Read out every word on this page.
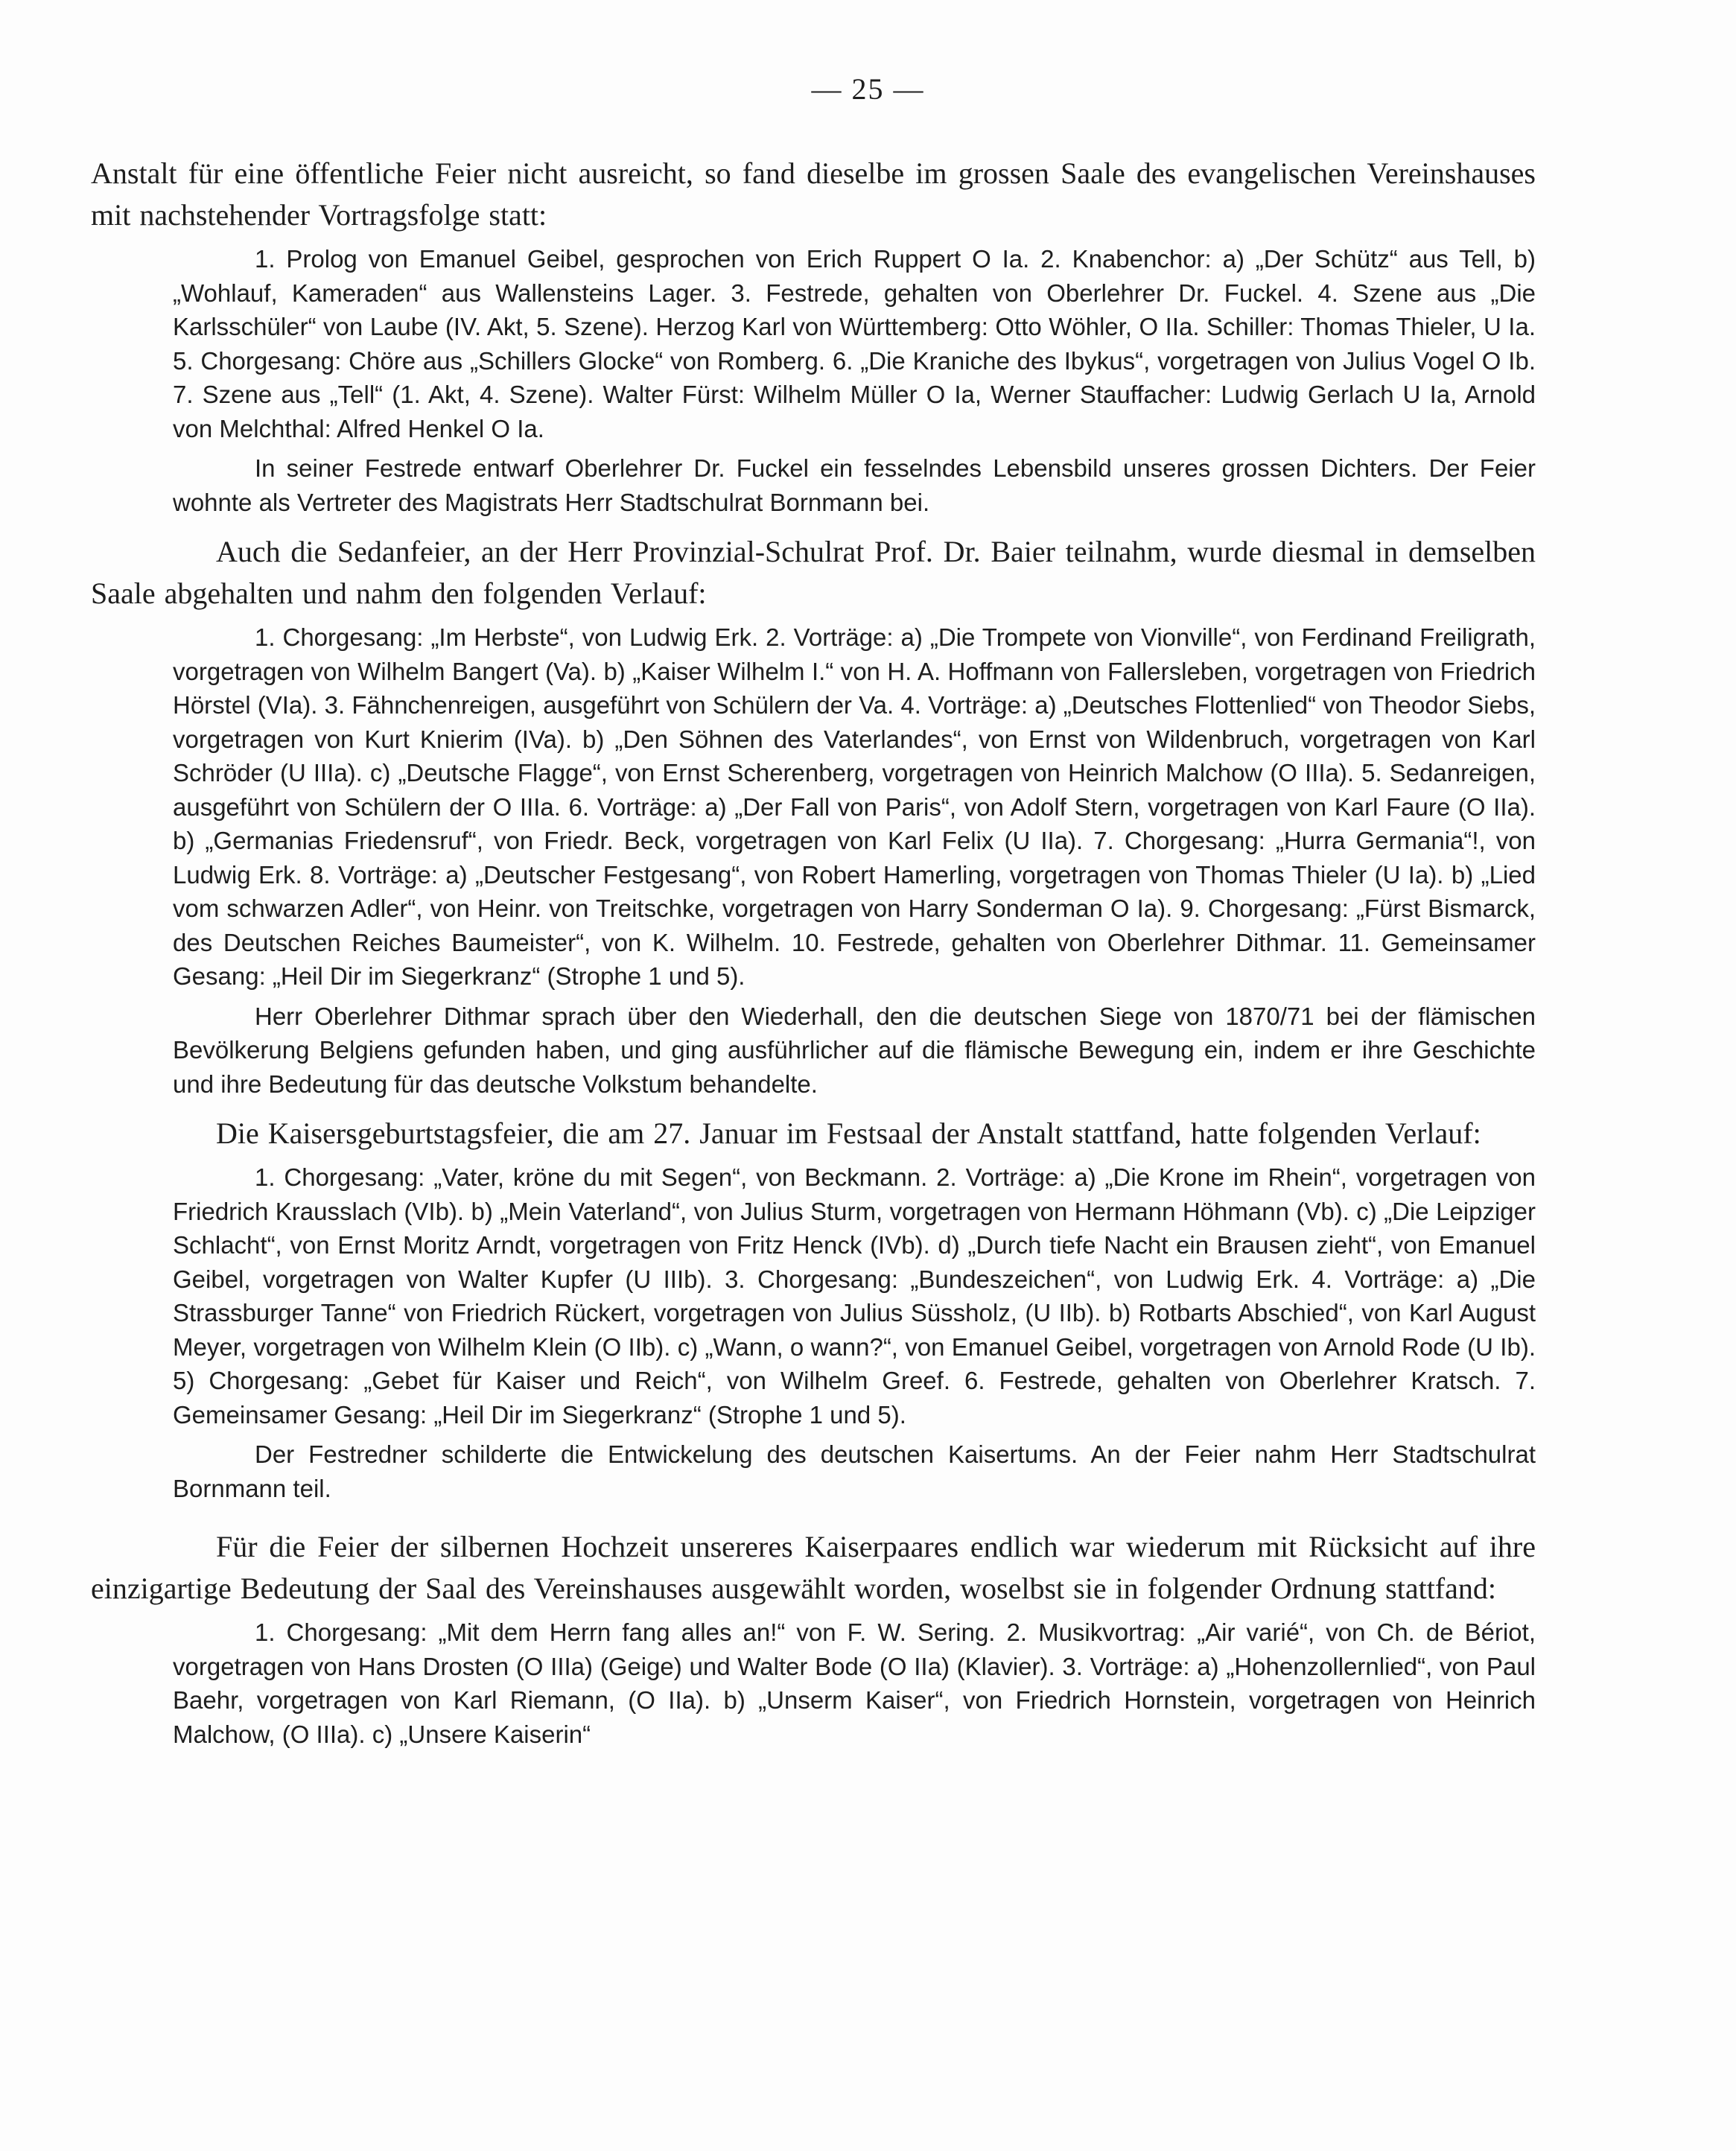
— 25 —

Anstalt für eine öffentliche Feier nicht ausreicht, so fand dieselbe im grossen Saale des evangelischen Vereinshauses mit nachstehender Vortragsfolge statt:

1. Prolog von Emanuel Geibel, gesprochen von Erich Ruppert O Ia. 2. Knabenchor: a) „Der Schütz“ aus Tell, b) „Wohlauf, Kameraden“ aus Wallensteins Lager. 3. Festrede, gehalten von Oberlehrer Dr. Fuckel. 4. Szene aus „Die Karlsschüler“ von Laube (IV. Akt, 5. Szene). Herzog Karl von Württemberg: Otto Wöhler, O IIa. Schiller: Thomas Thieler, U Ia. 5. Chorgesang: Chöre aus „Schillers Glocke“ von Romberg. 6. „Die Kraniche des Ibykus“, vorgetragen von Julius Vogel O Ib. 7. Szene aus „Tell“ (1. Akt, 4. Szene). Walter Fürst: Wilhelm Müller O Ia, Werner Stauffacher: Ludwig Gerlach U Ia, Arnold von Melchthal: Alfred Henkel O Ia.

In seiner Festrede entwarf Oberlehrer Dr. Fuckel ein fesselndes Lebensbild unseres grossen Dichters. Der Feier wohnte als Vertreter des Magistrats Herr Stadtschulrat Bornmann bei.

Auch die Sedanfeier, an der Herr Provinzial-Schulrat Prof. Dr. Baier teilnahm, wurde diesmal in demselben Saale abgehalten und nahm den folgenden Verlauf:

1. Chorgesang: „Im Herbste“, von Ludwig Erk. 2. Vorträge: a) „Die Trompete von Vionville“, von Ferdinand Freiligrath, vorgetragen von Wilhelm Bangert (Va). b) „Kaiser Wilhelm I.“ von H. A. Hoffmann von Fallersleben, vorgetragen von Friedrich Hörstel (VIa). 3. Fähnchenreigen, ausgeführt von Schülern der Va. 4. Vorträge: a) „Deutsches Flottenlied“ von Theodor Siebs, vorgetragen von Kurt Knierim (IVa). b) „Den Söhnen des Vaterlandes“, von Ernst von Wildenbruch, vorgetragen von Karl Schröder (U IIIa). c) „Deutsche Flagge“, von Ernst Scherenberg, vorgetragen von Heinrich Malchow (O IIIa). 5. Sedanreigen, ausgeführt von Schülern der O IIIa. 6. Vorträge: a) „Der Fall von Paris“, von Adolf Stern, vorgetragen von Karl Faure (O IIa). b) „Germanias Friedensruf“, von Friedr. Beck, vorgetragen von Karl Felix (U IIa). 7. Chorgesang: „Hurra Germania“!, von Ludwig Erk. 8. Vorträge: a) „Deutscher Festgesang“, von Robert Hamerling, vorgetragen von Thomas Thieler (U Ia). b) „Lied vom schwarzen Adler“, von Heinr. von Treitschke, vorgetragen von Harry Sonderman O Ia). 9. Chorgesang: „Fürst Bismarck, des Deutschen Reiches Baumeister“, von K. Wilhelm. 10. Festrede, gehalten von Oberlehrer Dithmar. 11. Gemeinsamer Gesang: „Heil Dir im Siegerkranz“ (Strophe 1 und 5).

Herr Oberlehrer Dithmar sprach über den Wiederhall, den die deutschen Siege von 1870/71 bei der flämischen Bevölkerung Belgiens gefunden haben, und ging ausführlicher auf die flämische Bewegung ein, indem er ihre Geschichte und ihre Bedeutung für das deutsche Volkstum behandelte.

Die Kaisersgeburtstagsfeier, die am 27. Januar im Festsaal der Anstalt stattfand, hatte folgenden Verlauf:

1. Chorgesang: „Vater, kröne du mit Segen“, von Beckmann. 2. Vorträge: a) „Die Krone im Rhein“, vorgetragen von Friedrich Krausslach (VIb). b) „Mein Vaterland“, von Julius Sturm, vorgetragen von Hermann Höhmann (Vb). c) „Die Leipziger Schlacht“, von Ernst Moritz Arndt, vorgetragen von Fritz Henck (IVb). d) „Durch tiefe Nacht ein Brausen zieht“, von Emanuel Geibel, vorgetragen von Walter Kupfer (U IIIb). 3. Chorgesang: „Bundeszeichen“, von Ludwig Erk. 4. Vorträge: a) „Die Strassburger Tanne“ von Friedrich Rückert, vorgetragen von Julius Süssholz, (U IIb). b) Rotbarts Abschied“, von Karl August Meyer, vorgetragen von Wilhelm Klein (O IIb). c) „Wann, o wann?“, von Emanuel Geibel, vorgetragen von Arnold Rode (U Ib). 5) Chorgesang: „Gebet für Kaiser und Reich“, von Wilhelm Greef. 6. Festrede, gehalten von Oberlehrer Kratsch. 7. Gemeinsamer Gesang: „Heil Dir im Siegerkranz“ (Strophe 1 und 5).

Der Festredner schilderte die Entwickelung des deutschen Kaisertums. An der Feier nahm Herr Stadtschulrat Bornmann teil.

Für die Feier der silbernen Hochzeit unsereres Kaiserpaares endlich war wiederum mit Rücksicht auf ihre einzigartige Bedeutung der Saal des Vereinshauses ausgewählt worden, woselbst sie in folgender Ordnung stattfand:

1. Chorgesang: „Mit dem Herrn fang alles an!“ von F. W. Sering. 2. Musikvortrag: „Air varié“, von Ch. de Bériot, vorgetragen von Hans Drosten (O IIIa) (Geige) und Walter Bode (O IIa) (Klavier). 3. Vorträge: a) „Hohenzollernlied“, von Paul Baehr, vorgetragen von Karl Riemann, (O IIa). b) „Unserm Kaiser“, von Friedrich Hornstein, vorgetragen von Heinrich Malchow, (O IIIa). c) „Unsere Kaiserin“
